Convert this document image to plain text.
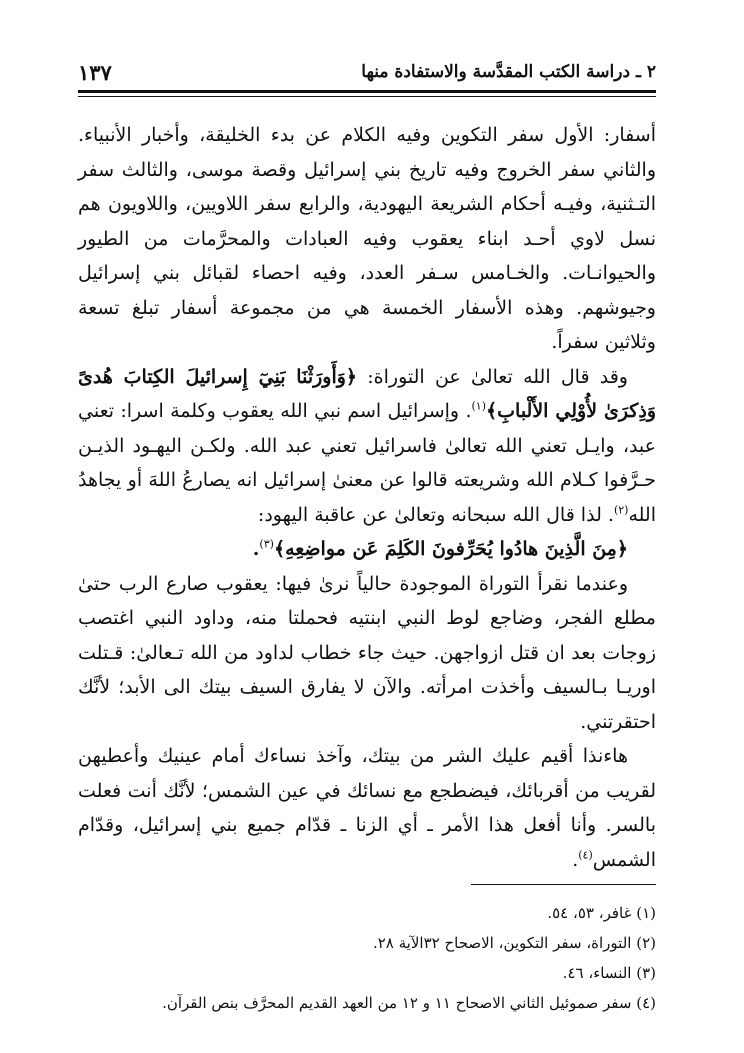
٢ ـ دراسة الكتب المقدَّسة والاستفادة منها
١٣٧

أسفار: الأول سفر التكوين وفيه الكلام عن بدء الخليقة، وأخبار الأنبياء. والثاني سفر الخروج وفيه تاريخ بني إسرائيل وقصة موسى، والثالث سفر التـثنية، وفيـه أحكام الشريعة اليهودية، والرابع سفر اللاويين، واللاويون هم نسل لاوي أحـد ابناء يعقوب وفيه العبادات والمحرَّمات من الطيور والحيوانـات. والخـامس سـفر العدد، وفيه احصاء لقبائل بني إسرائيل وجيوشهم. وهذه الأسفار الخمسة هي من مجموعة أسفار تبلغ تسعة وثلاثين سفراً.

وقد قال الله تعالىٰ عن التوراة: ﴿وَأَورَثْنَا بَنِيٓ إِسرائيلَ الكِتابَ هُدىً وَذِكرَىٰ لأُوْلِي الأَلْبابِ﴾$^{(١)}$. وإسرائيل اسم نبي الله يعقوب وكلمة اسرا: تعني عبد، وايـل تعني الله تعالىٰ فاسرائيل تعني عبد الله. ولكـن اليهـود الذيـن حـرَّفوا كـلام الله وشريعته قالوا عن معنىٰ إسرائيل انه يصارعُ اللهَ أو يجاهدُ الله$^{(٢)}$. لذا قال الله سبحانه وتعالىٰ عن عاقبة اليهود:

﴿مِنَ الَّذِينَ هادُوا يُحَرِّفونَ الكَلِمَ عَن مواضِعِهِ﴾$^{(٣)}$.

وعندما نقرأ التوراة الموجودة حالياً نرىٰ فيها: يعقوب صارع الرب حتىٰ مطلع الفجر، وضاجع لوط النبي ابنتيه فحملتا منه، وداود النبي اغتصب زوجات بعد ان قتل ازواجهن. حيث جاء خطاب لداود من الله تـعالىٰ: قـتلت اوريـا بـالسيف وأخذت امرأته. والآن لا يفارق السيف بيتك الى الأبد؛ لأنَّك احتقرتني.

هاءنذا أقيم عليك الشر من بيتك، وآخذ نساءك أمام عينيك وأعطيهن لقريب من أقربائك، فيضطجع مع نسائك في عين الشمس؛ لأنَّك أنت فعلت بالسر. وأنا أفعل هذا الأمر ـ أي الزنا ـ قدّام جميع بني إسرائيل، وقدّام الشمس$^{(٤)}$.

(١) غافر، ٥٣، ٥٤.

(٢) التوراة، سفر التكوين، الاصحاح ٣٢الآية ٢٨.

(٣) النساء، ٤٦.

(٤) سفر صموئيل الثاني الاصحاح ١١ و ١٢ من العهد القديم المحرَّف بنص القرآن.
